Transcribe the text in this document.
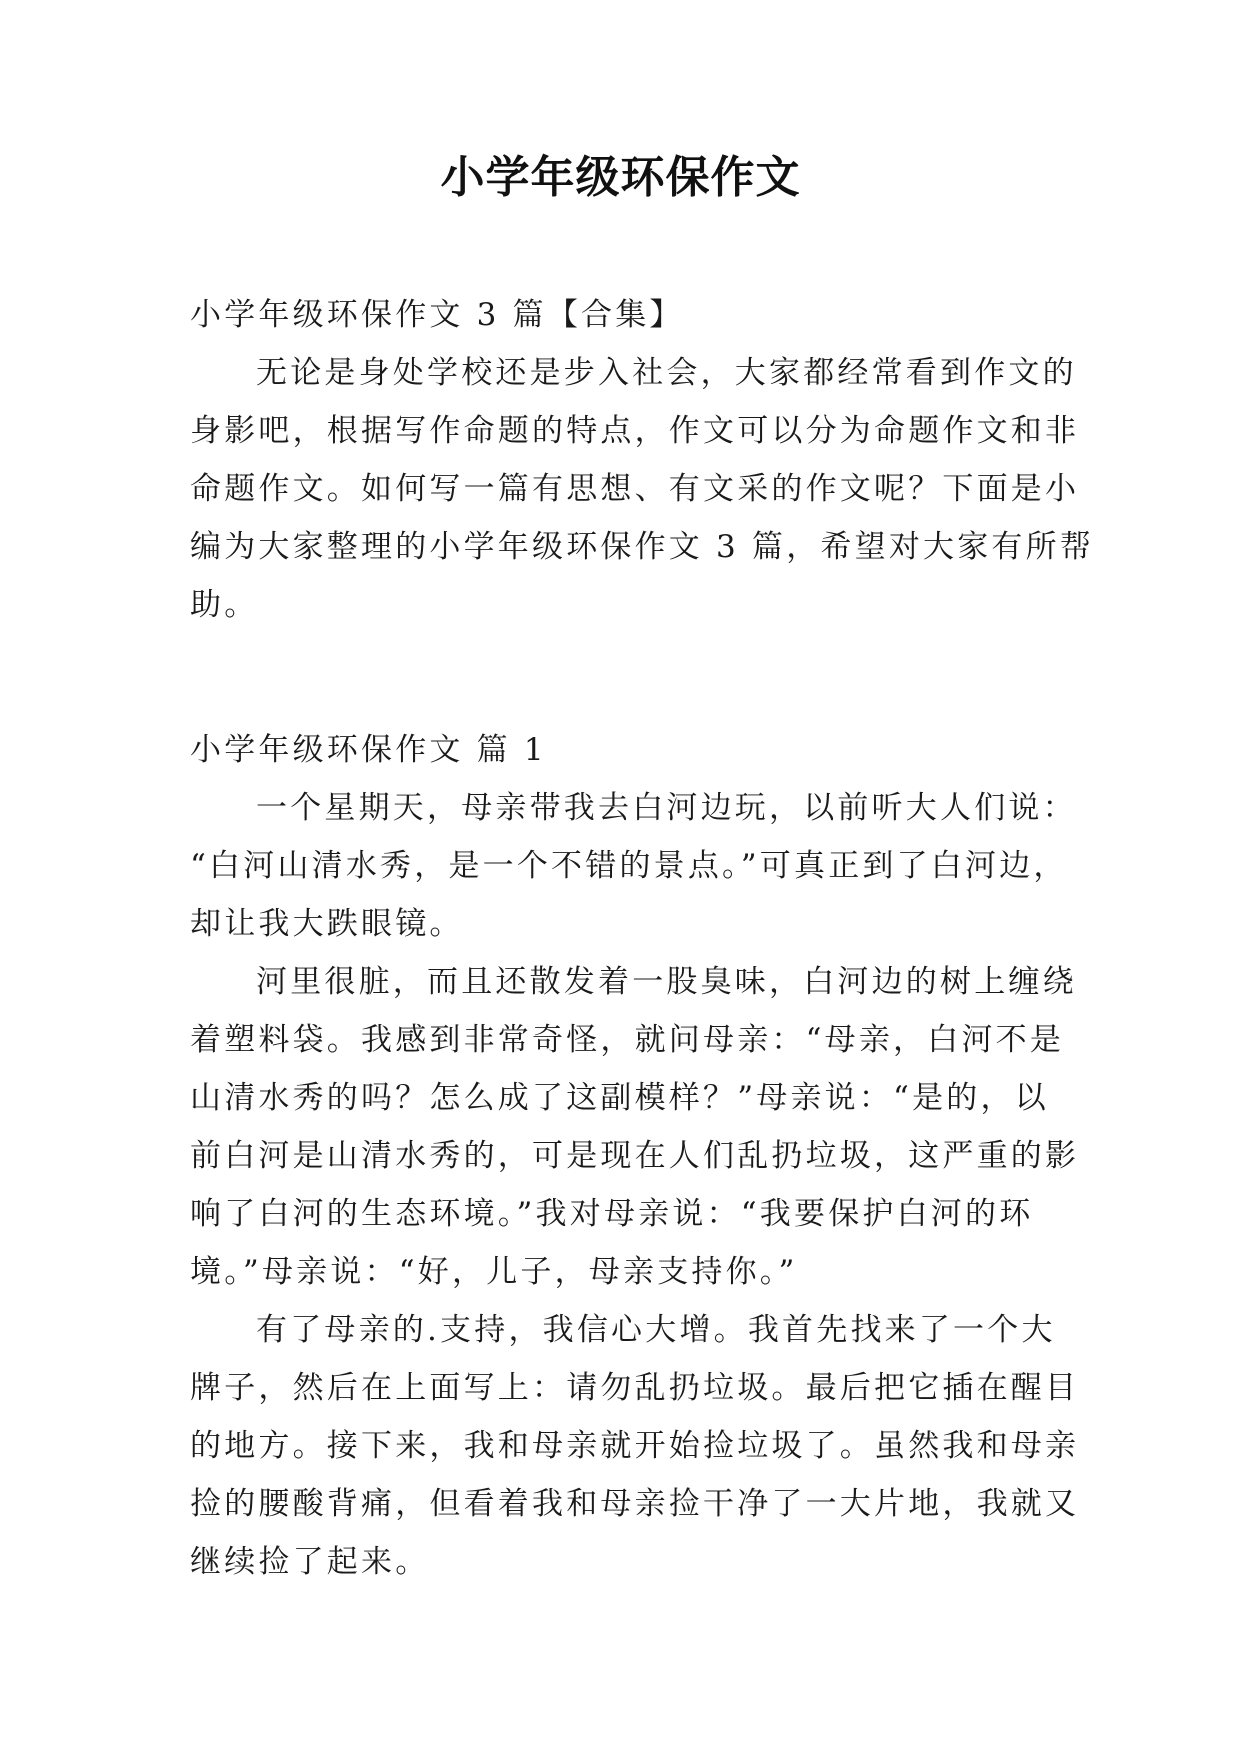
小学年级环保作文

小学年级环保作文 3 篇【合集】

无论是身处学校还是步入社会，大家都经常看到作文的

身影吧，根据写作命题的特点，作文可以分为命题作文和非

命题作文。如何写一篇有思想、有文采的作文呢？下面是小

编为大家整理的小学年级环保作文 3 篇，希望对大家有所帮

助。

小学年级环保作文 篇 1

一个星期天，母亲带我去白河边玩，以前听大人们说：

“白河山清水秀，是一个不错的景点。”可真正到了白河边，

却让我大跌眼镜。

河里很脏，而且还散发着一股臭味，白河边的树上缠绕

着塑料袋。我感到非常奇怪，就问母亲：“母亲，白河不是

山清水秀的吗？怎么成了这副模样？”母亲说：“是的，以

前白河是山清水秀的，可是现在人们乱扔垃圾，这严重的影

响了白河的生态环境。”我对母亲说：“我要保护白河的环

境。”母亲说：“好，儿子，母亲支持你。”

有了母亲的.支持，我信心大增。我首先找来了一个大

牌子，然后在上面写上：请勿乱扔垃圾。最后把它插在醒目

的地方。接下来，我和母亲就开始捡垃圾了。虽然我和母亲

捡的腰酸背痛，但看着我和母亲捡干净了一大片地，我就又

继续捡了起来。
